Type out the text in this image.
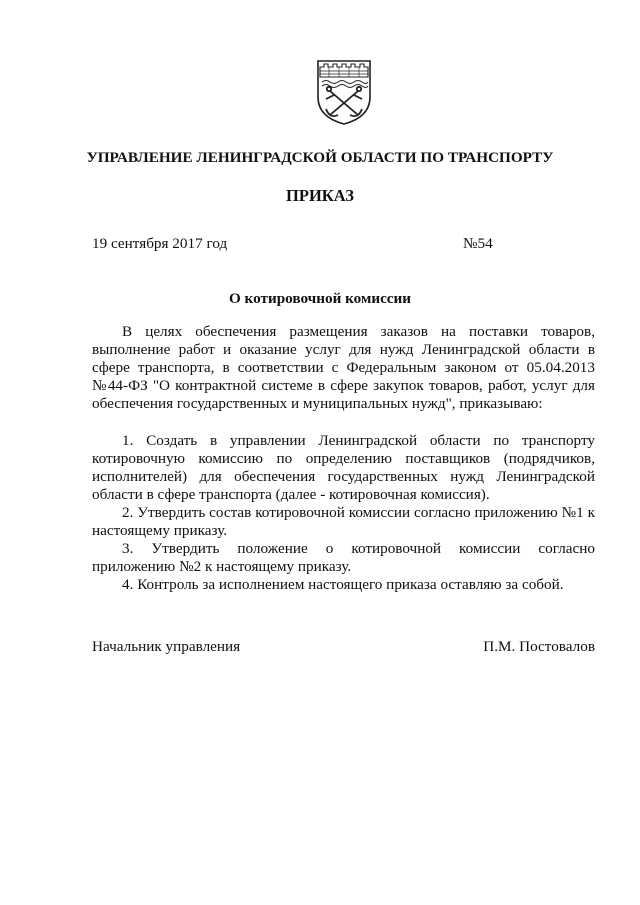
УПРАВЛЕНИЕ ЛЕНИНГРАДСКОЙ ОБЛАСТИ ПО ТРАНСПОРТУ
ПРИКАЗ
19 сентября 2017 год	№54
О котировочной комиссии

В целях обеспечения размещения заказов на поставки товаров, выполнение работ и оказание услуг для нужд Ленинградской области в сфере транспорта, в соответствии с Федеральным законом от 05.04.2013 №44-ФЗ "О контрактной системе в сфере закупок товаров, работ, услуг для обеспечения государственных и муниципальных нужд", приказываю:

1. Создать в управлении Ленинградской области по транспорту котировочную комиссию по определению поставщиков (подрядчиков, исполнителей) для обеспечения государственных нужд Ленинградской области в сфере транспорта (далее - котировочная комиссия).

2. Утвердить состав котировочной комиссии согласно приложению №1 к настоящему приказу.

3. Утвердить положение о котировочной комиссии согласно приложению №2 к настоящему приказу.

4. Контроль за исполнением настоящего приказа оставляю за собой.

Начальник управления	П.М. Постовалов
